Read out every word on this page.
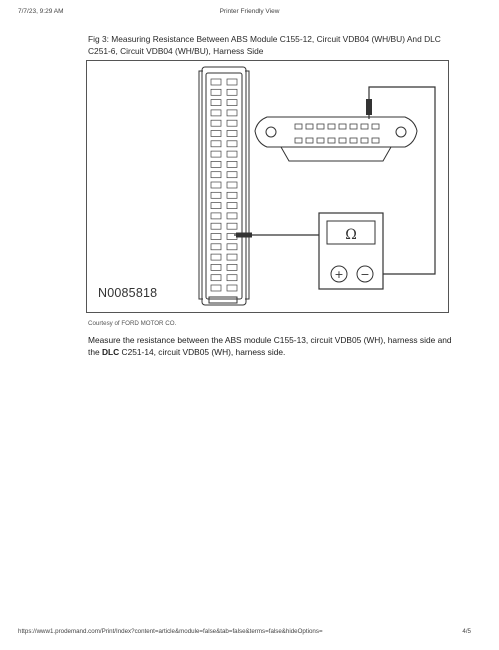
7/7/23, 9:29 AM	Printer Friendly View
Fig 3: Measuring Resistance Between ABS Module C155-12, Circuit VDB04 (WH/BU) And DLC C251-6, Circuit VDB04 (WH/BU), Harness Side
Ω
+ −
N0085818
Courtesy of FORD MOTOR CO.
Measure the resistance between the ABS module C155-13, circuit VDB05 (WH), harness side and the DLC C251-14, circuit VDB05 (WH), harness side.
https://www1.prodemand.com/Print/Index?content=article&module=false&tab=false&terms=false&hideOptions=	4/5
